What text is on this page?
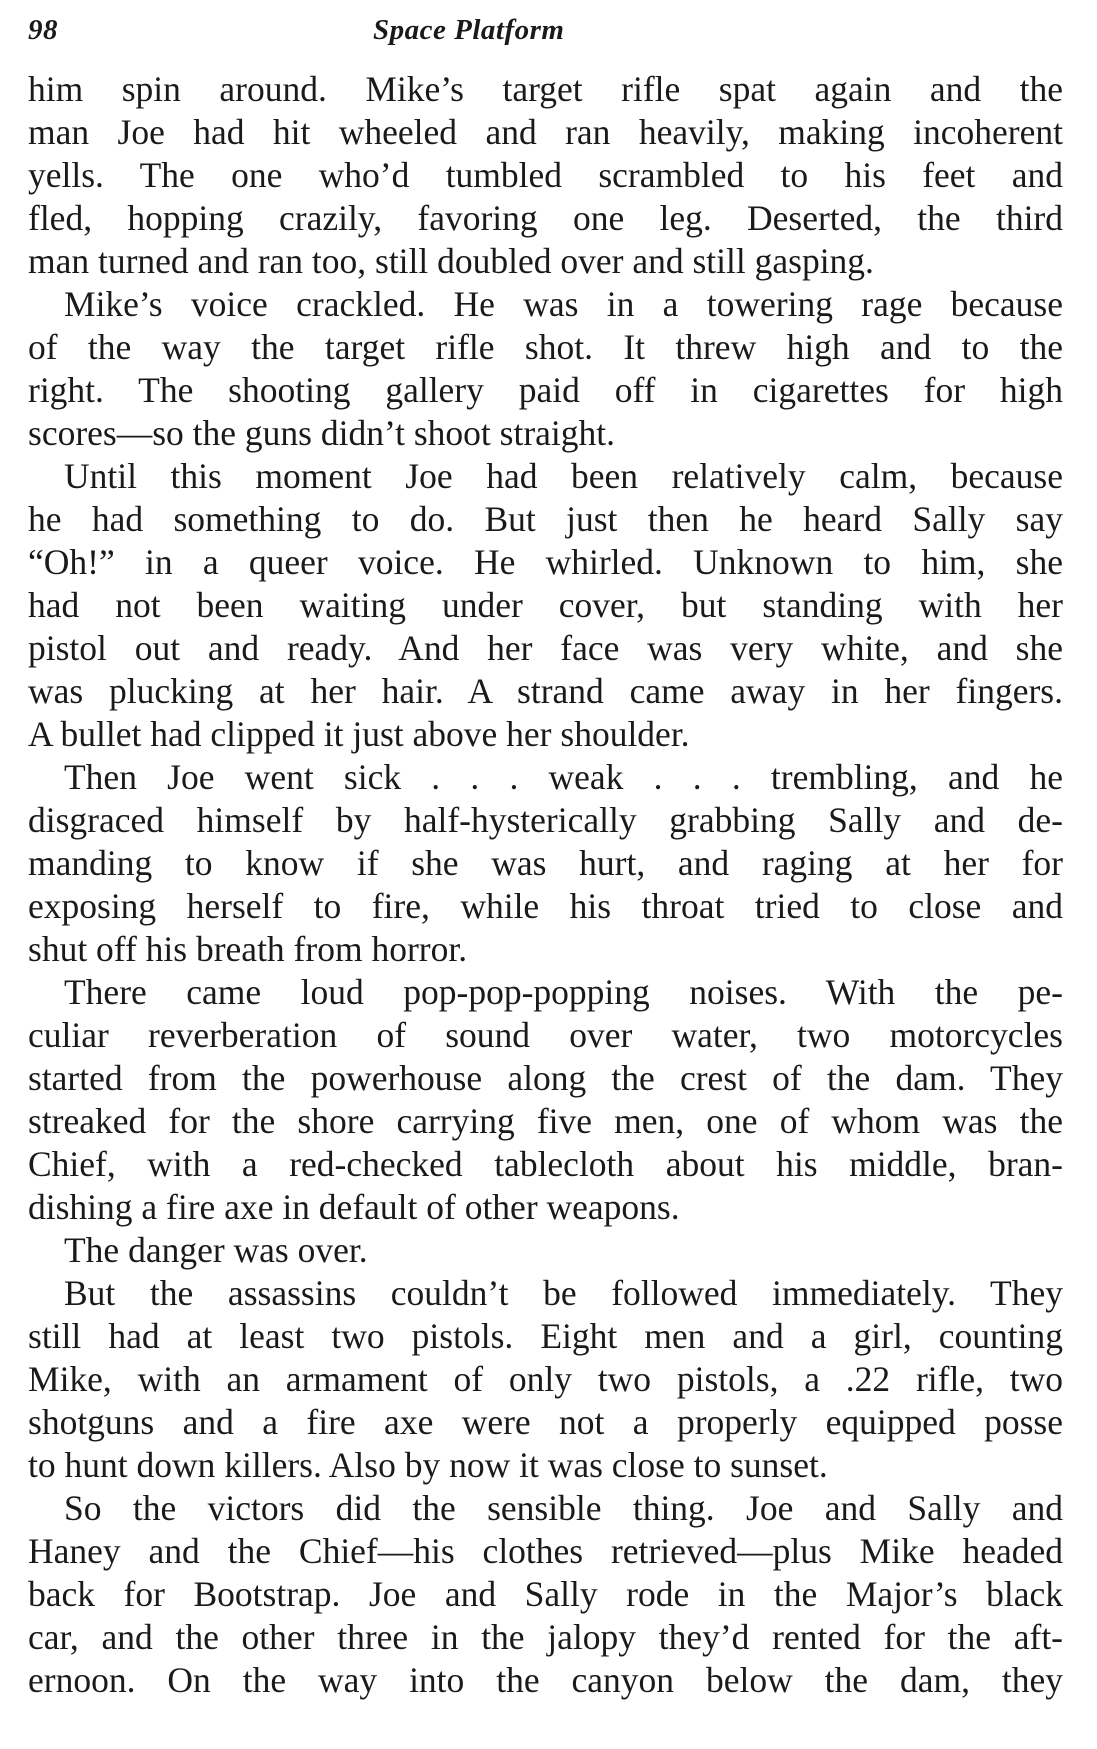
98	Space Platform
him spin around. Mike’s target rifle spat again and the
man Joe had hit wheeled and ran heavily, making incoherent
yells. The one who’d tumbled scrambled to his feet and
fled, hopping crazily, favoring one leg. Deserted, the third
man turned and ran too, still doubled over and still gasping.
Mike’s voice crackled. He was in a towering rage because
of the way the target rifle shot. It threw high and to the
right. The shooting gallery paid off in cigarettes for high
scores—so the guns didn’t shoot straight.
Until this moment Joe had been relatively calm, because
he had something to do. But just then he heard Sally say
“Oh!” in a queer voice. He whirled. Unknown to him, she
had not been waiting under cover, but standing with her
pistol out and ready. And her face was very white, and she
was plucking at her hair. A strand came away in her fingers.
A bullet had clipped it just above her shoulder.
Then Joe went sick . . . weak . . . trembling, and he
disgraced himself by half-hysterically grabbing Sally and de-
manding to know if she was hurt, and raging at her for
exposing herself to fire, while his throat tried to close and
shut off his breath from horror.
There came loud pop-pop-popping noises. With the pe-
culiar reverberation of sound over water, two motorcycles
started from the powerhouse along the crest of the dam. They
streaked for the shore carrying five men, one of whom was the
Chief, with a red-checked tablecloth about his middle, bran-
dishing a fire axe in default of other weapons.
The danger was over.
But the assassins couldn’t be followed immediately. They
still had at least two pistols. Eight men and a girl, counting
Mike, with an armament of only two pistols, a .22 rifle, two
shotguns and a fire axe were not a properly equipped posse
to hunt down killers. Also by now it was close to sunset.
So the victors did the sensible thing. Joe and Sally and
Haney and the Chief—his clothes retrieved—plus Mike headed
back for Bootstrap. Joe and Sally rode in the Major’s black
car, and the other three in the jalopy they’d rented for the aft-
ernoon. On the way into the canyon below the dam, they
